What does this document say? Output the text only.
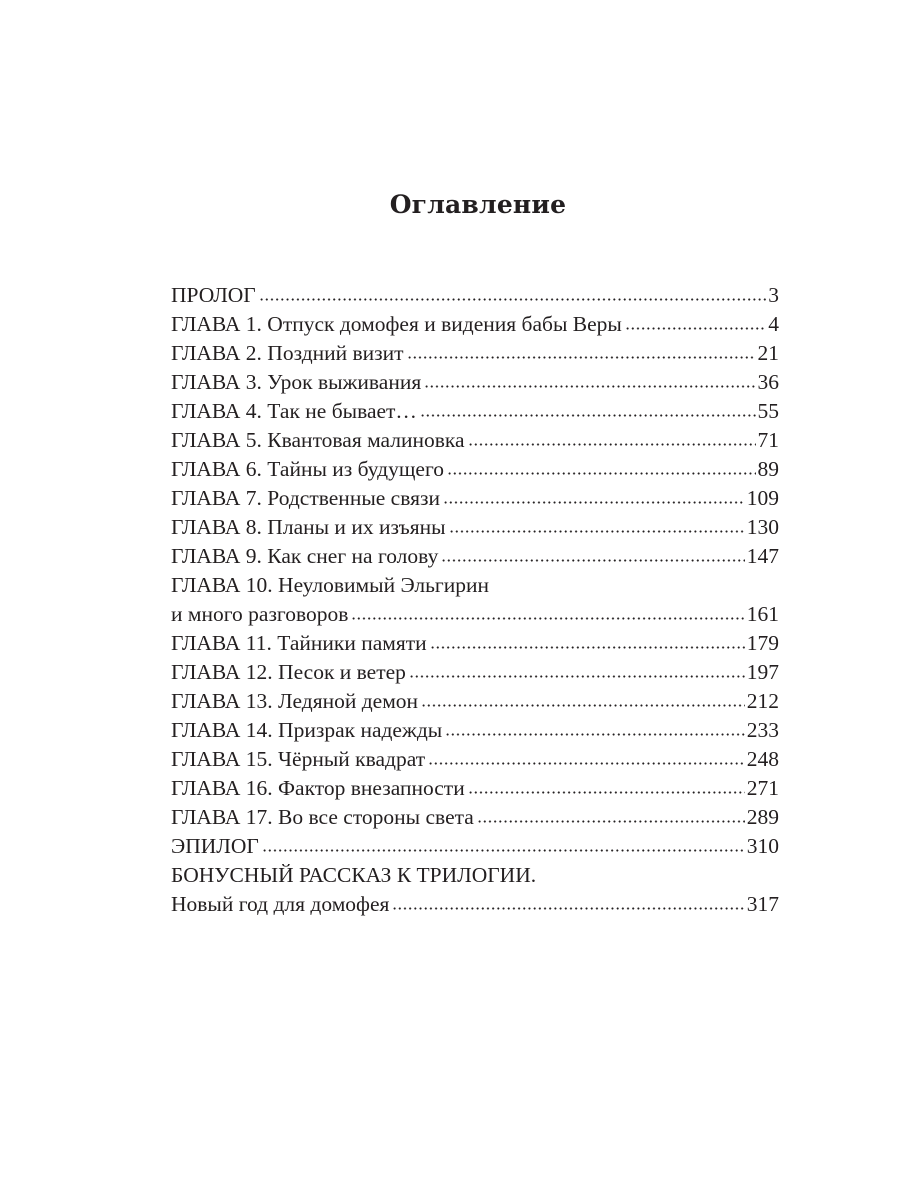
Оглавление
ПРОЛОГ	3
ГЛАВА 1. Отпуск домофея и видения бабы Веры	4
ГЛАВА 2. Поздний визит	21
ГЛАВА 3. Урок выживания	36
ГЛАВА 4. Так не бывает…	55
ГЛАВА 5. Квантовая малиновка	71
ГЛАВА 6. Тайны из будущего	89
ГЛАВА 7. Родственные связи	109
ГЛАВА 8. Планы и их изъяны	130
ГЛАВА 9. Как снег на голову	147
ГЛАВА 10. Неуловимый Эльгирин
и много разговоров	161
ГЛАВА 11. Тайники памяти	179
ГЛАВА 12. Песок и ветер	197
ГЛАВА 13. Ледяной демон	212
ГЛАВА 14. Призрак надежды	233
ГЛАВА 15. Чёрный квадрат	248
ГЛАВА 16. Фактор внезапности	271
ГЛАВА 17. Во все стороны света	289
ЭПИЛОГ	310
БОНУСНЫЙ РАССКАЗ К ТРИЛОГИИ.
Новый год для домофея	317
